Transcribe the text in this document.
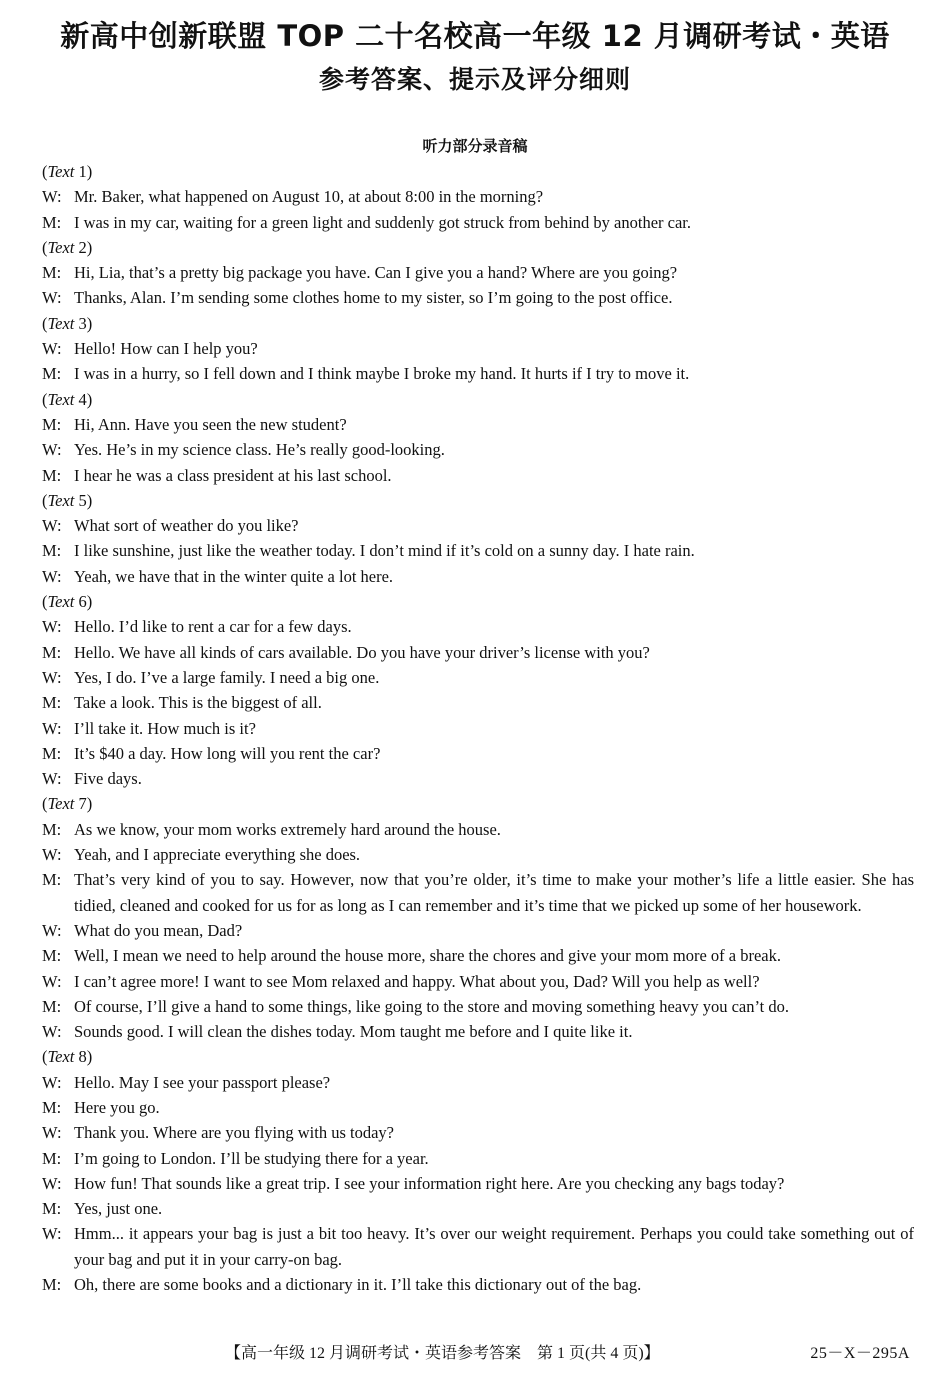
新高中创新联盟 TOP 二十名校高一年级 12 月调研考试・英语
参考答案、提示及评分细则
听力部分录音稿
(Text 1)
W: Mr. Baker, what happened on August 10, at about 8:00 in the morning?
M: I was in my car, waiting for a green light and suddenly got struck from behind by another car.
(Text 2)
M: Hi, Lia, that’s a pretty big package you have. Can I give you a hand? Where are you going?
W: Thanks, Alan. I’m sending some clothes home to my sister, so I’m going to the post office.
(Text 3)
W: Hello! How can I help you?
M: I was in a hurry, so I fell down and I think maybe I broke my hand. It hurts if I try to move it.
(Text 4)
M: Hi, Ann. Have you seen the new student?
W: Yes. He’s in my science class. He’s really good-looking.
M: I hear he was a class president at his last school.
(Text 5)
W: What sort of weather do you like?
M: I like sunshine, just like the weather today. I don’t mind if it’s cold on a sunny day. I hate rain.
W: Yeah, we have that in the winter quite a lot here.
(Text 6)
W: Hello. I’d like to rent a car for a few days.
M: Hello. We have all kinds of cars available. Do you have your driver’s license with you?
W: Yes, I do. I’ve a large family. I need a big one.
M: Take a look. This is the biggest of all.
W: I’ll take it. How much is it?
M: It’s $40 a day. How long will you rent the car?
W: Five days.
(Text 7)
M: As we know, your mom works extremely hard around the house.
W: Yeah, and I appreciate everything she does.
M: That’s very kind of you to say. However, now that you’re older, it’s time to make your mother’s life a little easier. She has tidied, cleaned and cooked for us for as long as I can remember and it’s time that we picked up some of her housework.
W: What do you mean, Dad?
M: Well, I mean we need to help around the house more, share the chores and give your mom more of a break.
W: I can’t agree more! I want to see Mom relaxed and happy. What about you, Dad? Will you help as well?
M: Of course, I’ll give a hand to some things, like going to the store and moving something heavy you can’t do.
W: Sounds good. I will clean the dishes today. Mom taught me before and I quite like it.
(Text 8)
W: Hello. May I see your passport please?
M: Here you go.
W: Thank you. Where are you flying with us today?
M: I’m going to London. I’ll be studying there for a year.
W: How fun! That sounds like a great trip. I see your information right here. Are you checking any bags today?
M: Yes, just one.
W: Hmm... it appears your bag is just a bit too heavy. It’s over our weight requirement. Perhaps you could take something out of your bag and put it in your carry-on bag.
M: Oh, there are some books and a dictionary in it. I’ll take this dictionary out of the bag.
【高一年级 12 月调研考试・英语参考答案　第 1 页(共 4 页)】	25－X－295A
